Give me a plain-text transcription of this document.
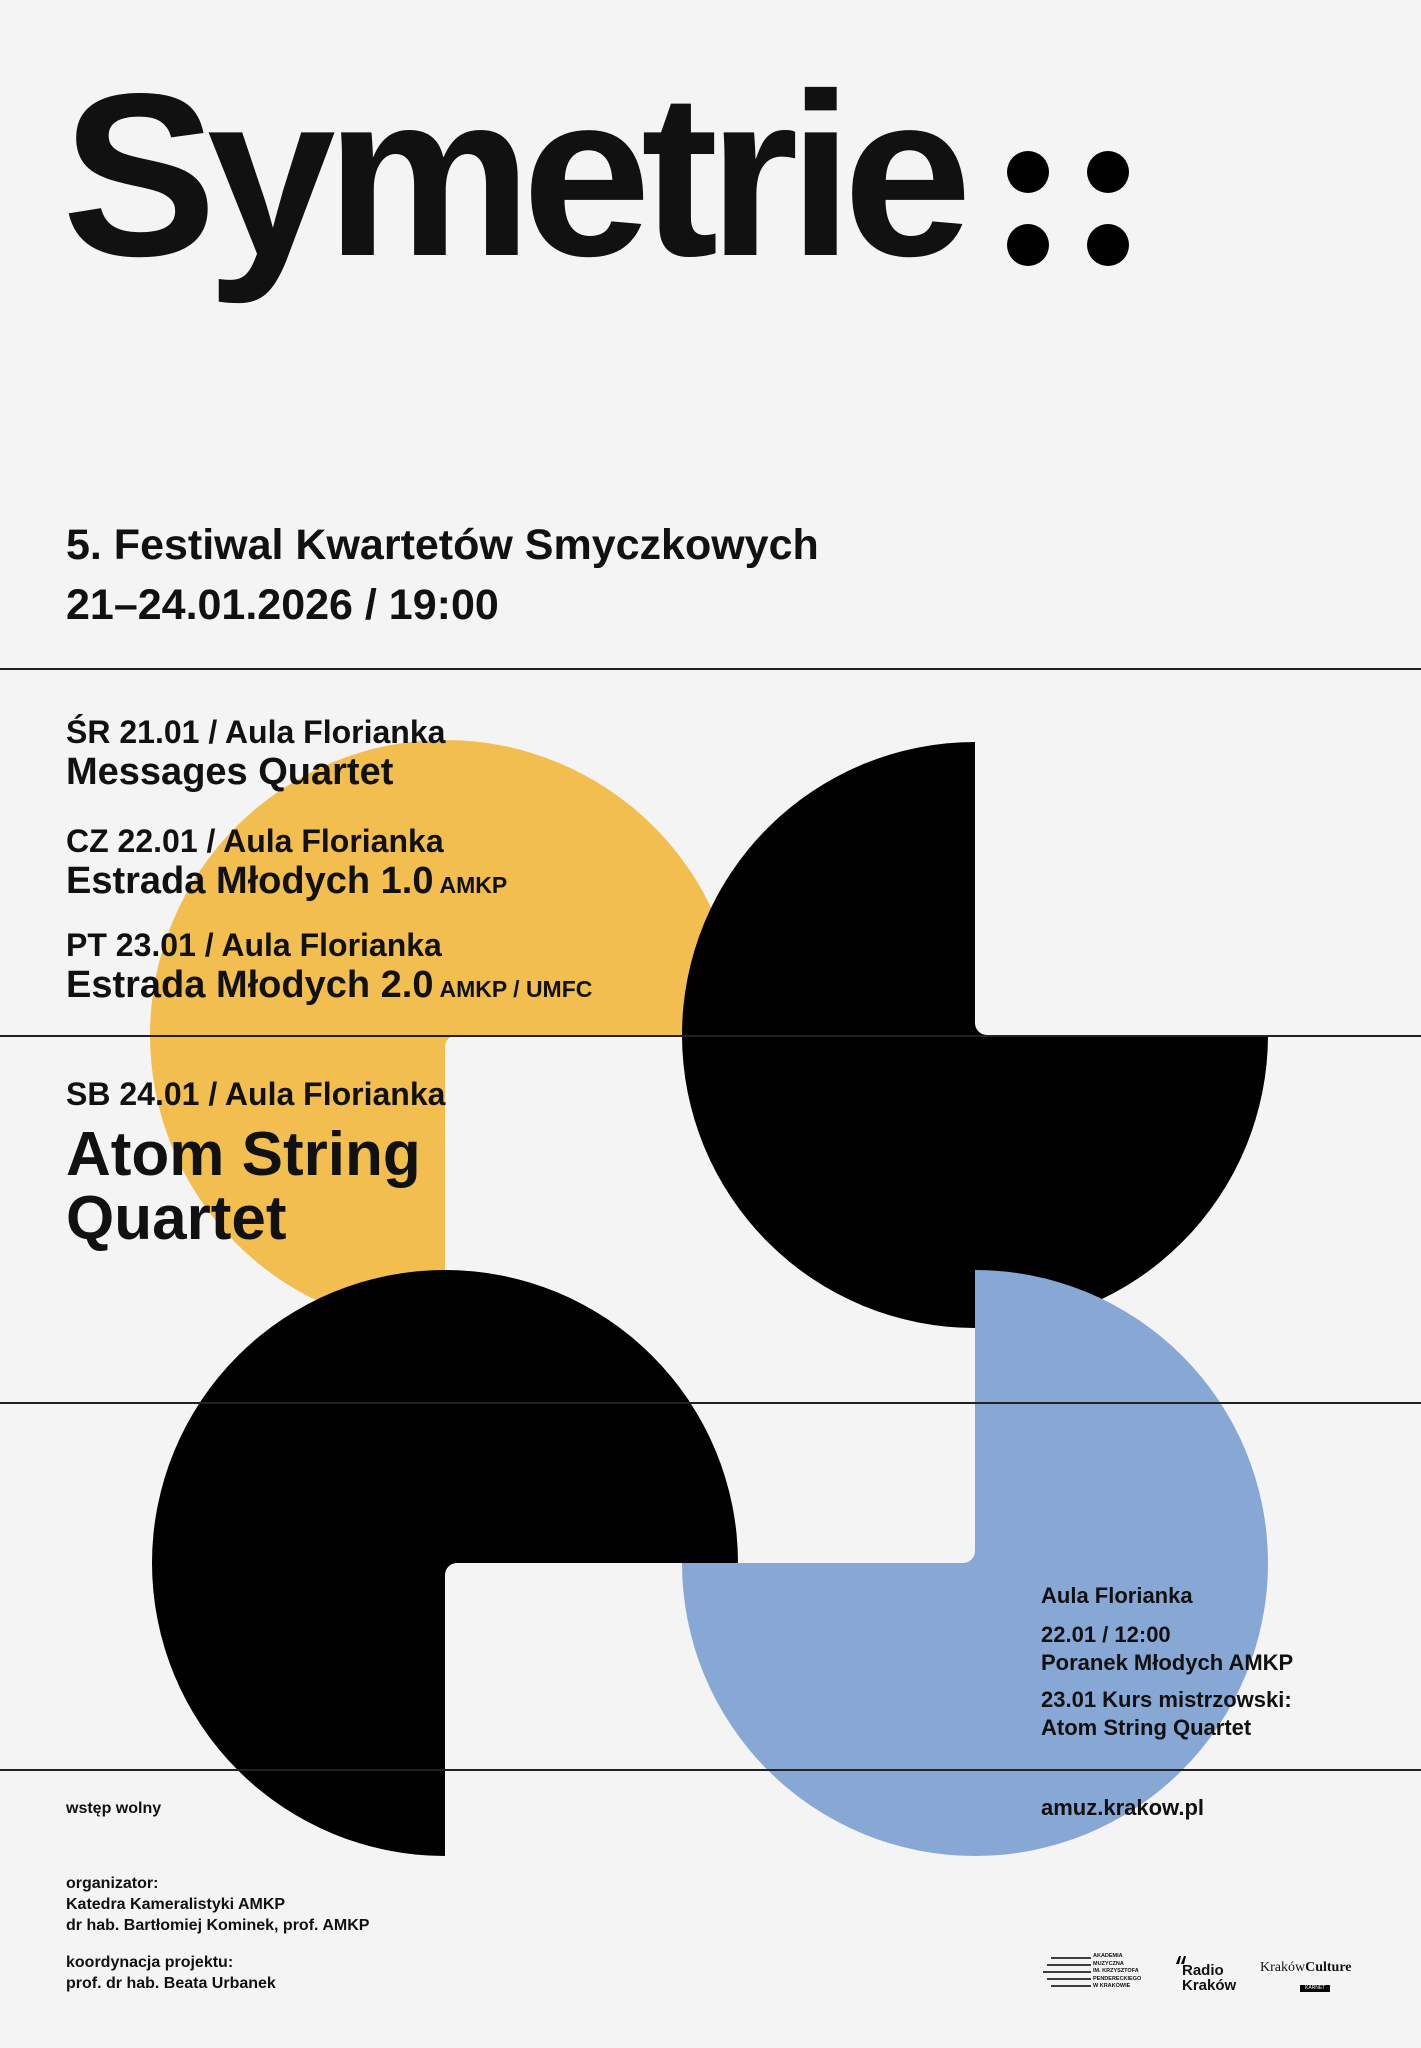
Symetrie
5. Festiwal Kwartetów Smyczkowych
21–24.01.2026 / 19:00
ŚR 21.01 / Aula Florianka
Messages Quartet
CZ 22.01 / Aula Florianka
Estrada Młodych 1.0 AMKP
PT 23.01 / Aula Florianka
Estrada Młodych 2.0 AMKP / UMFC
SB 24.01 / Aula Florianka
Atom String
Quartet
Aula Florianka
22.01 / 12:00
Poranek Młodych AMKP
23.01 Kurs mistrzowski:
Atom String Quartet
wstęp wolny	amuz.krakow.pl
organizator:
Katedra Kameralistyki AMKP
dr hab. Bartłomiej Kominek, prof. AMKP
koordynacja projektu:
prof. dr hab. Beata Urbanek
AKADEMIA
MUZYCZNA
IM. KRZYSZTOFA
PENDERECKIEGO
W KRAKOWIE
Radio
Kraków
KrakówCulture
KARNET
